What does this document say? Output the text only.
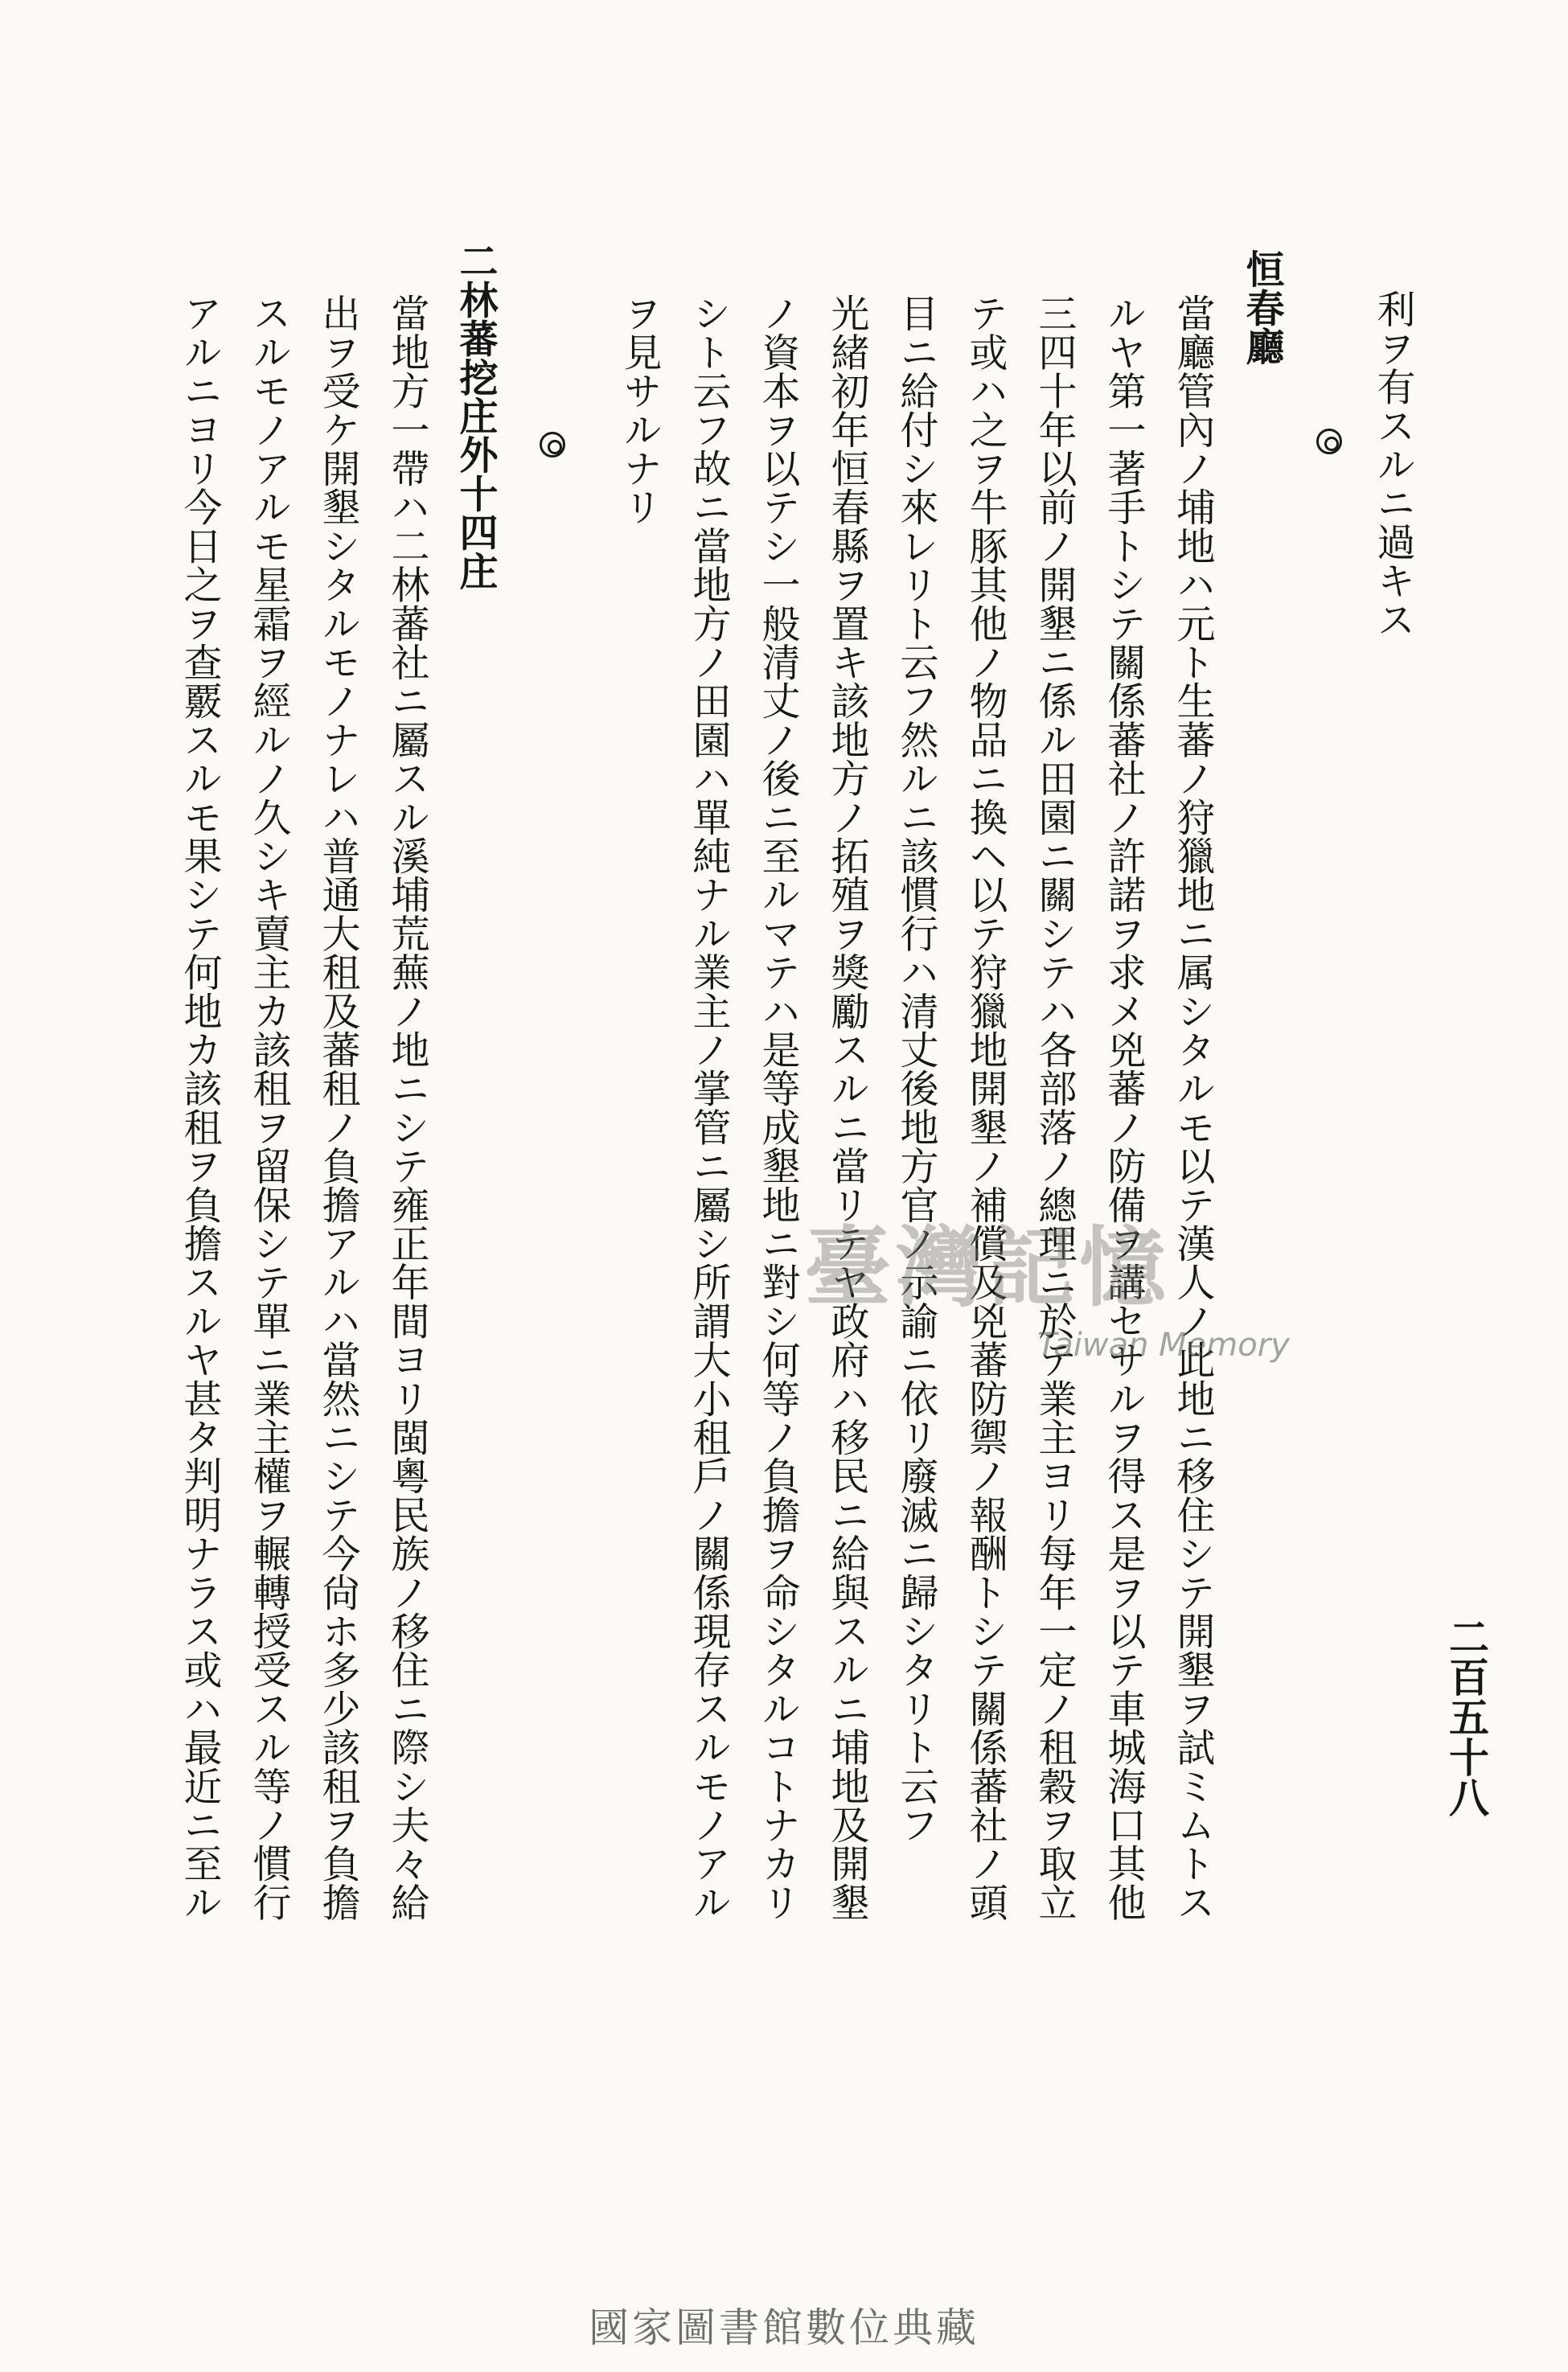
二百五十八
利ヲ有スルニ過キス
恒春廳
當廳管內ノ埔地ハ元ト生蕃ノ狩獵地ニ属シタルモ以テ漢人ノ此地ニ移住シテ開墾ヲ試ミムトス
ルヤ第一著手トシテ關係蕃社ノ許諾ヲ求メ兇蕃ノ防備ヲ講セサルヲ得ス是ヲ以テ車城海口其他
三四十年以前ノ開墾ニ係ル田園ニ關シテハ各部落ノ總理ニ於テ業主ヨリ每年一定ノ租穀ヲ取立
テ或ハ之ヲ牛豚其他ノ物品ニ換ヘ以テ狩獵地開墾ノ補償及兇蕃防禦ノ報酬トシテ關係蕃社ノ頭
目ニ給付シ來レリト云フ然ルニ該慣行ハ清丈後地方官ノ示諭ニ依リ廢滅ニ歸シタリト云フ
光緒初年恒春縣ヲ置キ該地方ノ拓殖ヲ獎勵スルニ當リテヤ政府ハ移民ニ給與スルニ埔地及開墾
ノ資本ヲ以テシ一般清丈ノ後ニ至ルマテハ是等成墾地ニ對シ何等ノ負擔ヲ命シタルコトナカリ
シト云フ故ニ當地方ノ田園ハ單純ナル業主ノ掌管ニ屬シ所謂大小租戶ノ關係現存スルモノアル
ヲ見サルナリ
二林蕃挖庄外十四庄
當地方一帶ハ二林蕃社ニ屬スル溪埔荒蕪ノ地ニシテ雍正年間ヨリ閩粵民族ノ移住ニ際シ夫々給
出ヲ受ケ開墾シタルモノナレハ普通大租及蕃租ノ負擔アルハ當然ニシテ今尙ホ多少該租ヲ負擔
スルモノアルモ星霜ヲ經ルノ久シキ賣主カ該租ヲ留保シテ單ニ業主權ヲ輾轉授受スル等ノ慣行
アルニヨリ今日之ヲ查覈スルモ果シテ何地カ該租ヲ負擔スルヤ甚タ判明ナラス或ハ最近ニ至ル	臺灣記憶
Taiwan Memory
國家圖書館數位典藏
